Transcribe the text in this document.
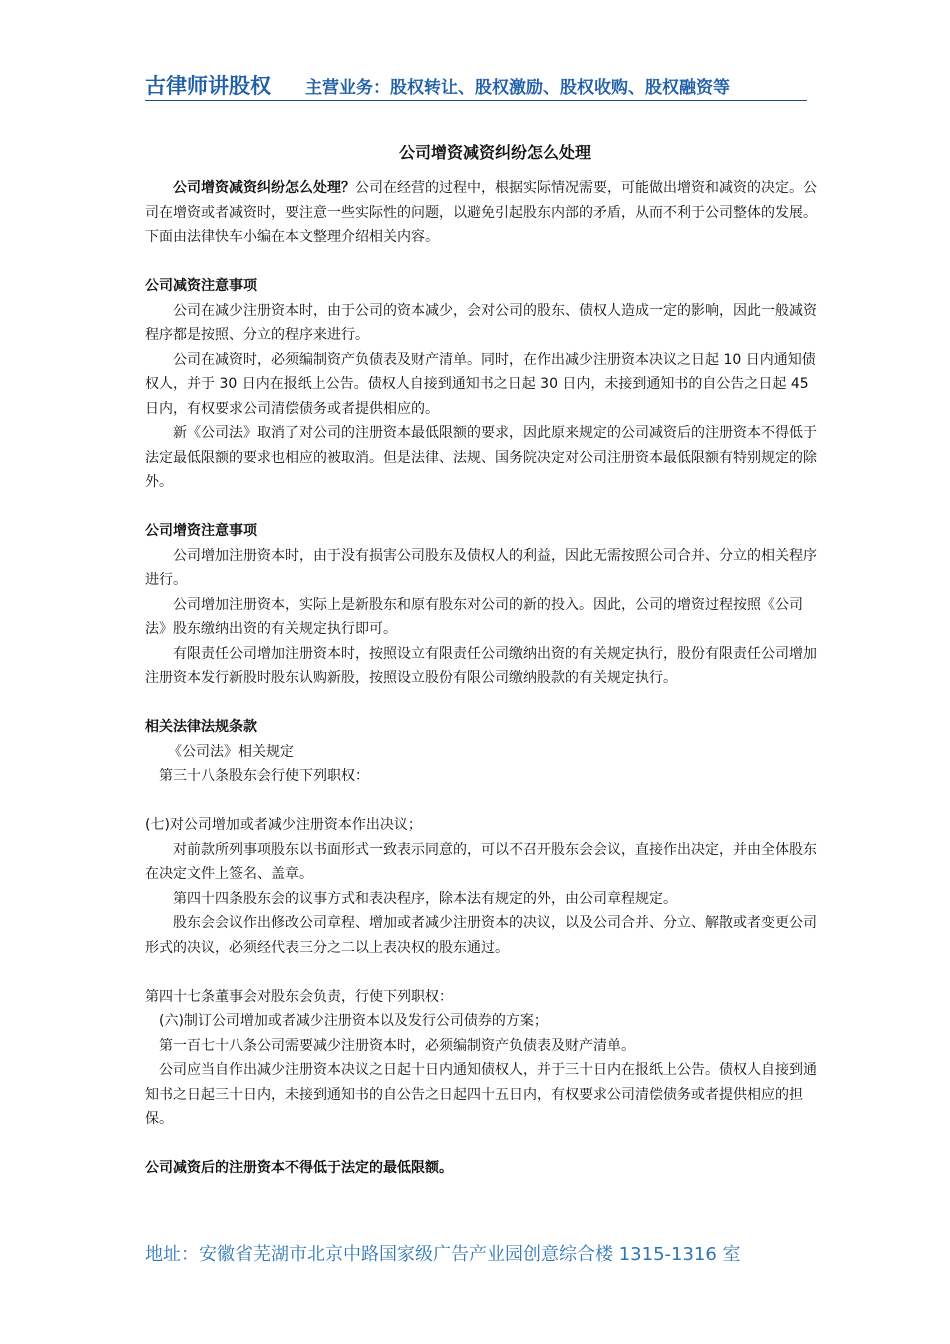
古律师讲股权 主营业务：股权转让、股权激励、股权收购、股权融资等
公司增资减资纠纷怎么处理

公司增资减资纠纷怎么处理？公司在经营的过程中，根据实际情况需要，可能做出增资和减资的决定。公司在增资或者减资时，要注意一些实际性的问题，以避免引起股东内部的矛盾，从而不利于公司整体的发展。下面由法律快车小编在本文整理介绍相关内容。

公司减资注意事项

公司在减少注册资本时，由于公司的资本减少，会对公司的股东、债权人造成一定的影响，因此一般减资程序都是按照、分立的程序来进行。

公司在减资时，必须编制资产负债表及财产清单。同时，在作出减少注册资本决议之日起 10 日内通知债权人，并于 30 日内在报纸上公告。债权人自接到通知书之日起 30 日内，未接到通知书的自公告之日起 45 日内，有权要求公司清偿债务或者提供相应的。

新《公司法》取消了对公司的注册资本最低限额的要求，因此原来规定的公司减资后的注册资本不得低于法定最低限额的要求也相应的被取消。但是法律、法规、国务院决定对公司注册资本最低限额有特别规定的除外。

公司增资注意事项

公司增加注册资本时，由于没有损害公司股东及债权人的利益，因此无需按照公司合并、分立的相关程序进行。

公司增加注册资本，实际上是新股东和原有股东对公司的新的投入。因此，公司的增资过程按照《公司法》股东缴纳出资的有关规定执行即可。

有限责任公司增加注册资本时，按照设立有限责任公司缴纳出资的有关规定执行，股份有限责任公司增加注册资本发行新股时股东认购新股，按照设立股份有限公司缴纳股款的有关规定执行。

相关法律法规条款

《公司法》相关规定

第三十八条股东会行使下列职权：

(七)对公司增加或者减少注册资本作出决议；

对前款所列事项股东以书面形式一致表示同意的，可以不召开股东会会议，直接作出决定，并由全体股东在决定文件上签名、盖章。

第四十四条股东会的议事方式和表决程序，除本法有规定的外，由公司章程规定。

股东会会议作出修改公司章程、增加或者减少注册资本的决议，以及公司合并、分立、解散或者变更公司形式的决议，必须经代表三分之二以上表决权的股东通过。

第四十七条董事会对股东会负责，行使下列职权：

(六)制订公司增加或者减少注册资本以及发行公司债券的方案；

第一百七十八条公司需要减少注册资本时，必须编制资产负债表及财产清单。

公司应当自作出减少注册资本决议之日起十日内通知债权人，并于三十日内在报纸上公告。债权人自接到通知书之日起三十日内，未接到通知书的自公告之日起四十五日内，有权要求公司清偿债务或者提供相应的担保。

公司减资后的注册资本不得低于法定的最低限额。

地址：安徽省芜湖市北京中路国家级广告产业园创意综合楼 1315-1316 室
